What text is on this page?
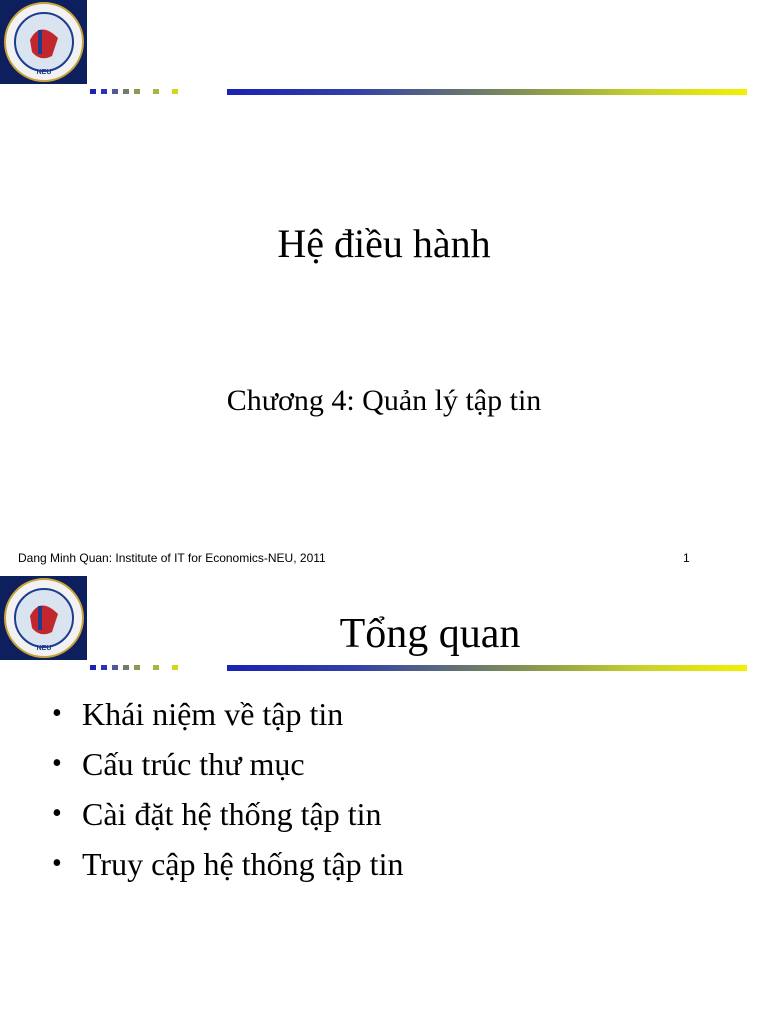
NEU
Hệ điều hành
Chương 4: Quản lý tập tin
Dang Minh Quan: Institute of IT for Economics-NEU, 2011	1
NEU	Tổng quan
• Khái niệm về tập tin
• Cấu trúc thư mục
• Cài đặt hệ thống tập tin
• Truy cập hệ thống tập tin
